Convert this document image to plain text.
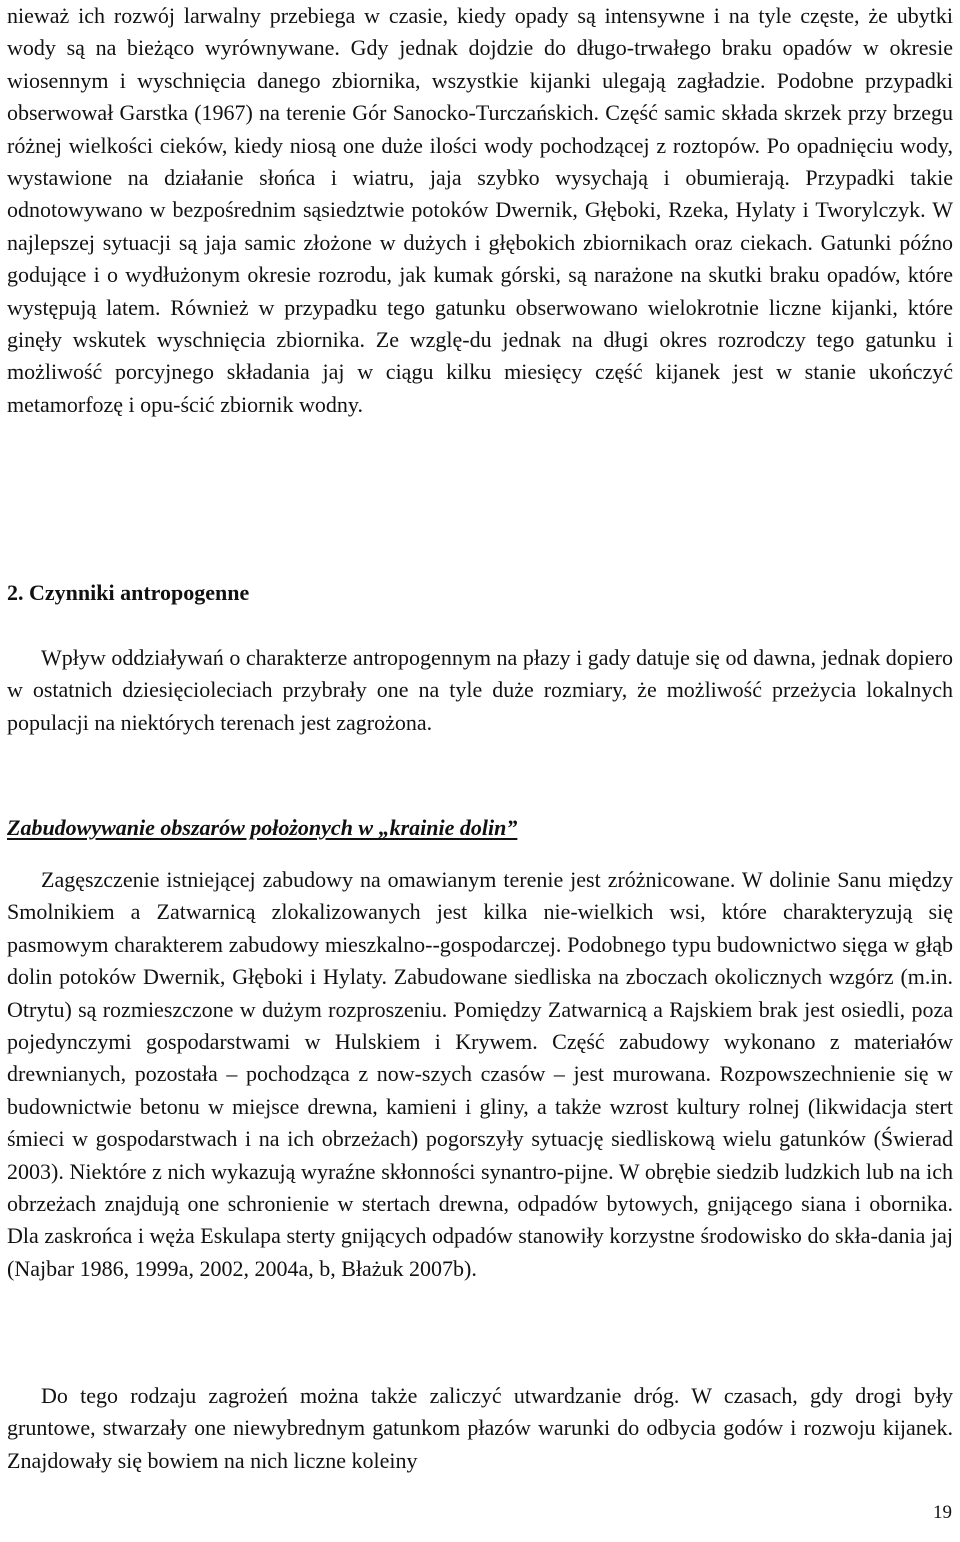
nieważ ich rozwój larwalny przebiega w czasie, kiedy opady są intensywne i na tyle częste, że ubytki wody są na bieżąco wyrównywane. Gdy jednak dojdzie do długo-trwałego braku opadów w okresie wiosennym i wyschnięcia danego zbiornika, wszystkie kijanki ulegają zagładzie. Podobne przypadki obserwował Garstka (1967) na terenie Gór Sanocko-Turczańskich. Część samic składa skrzek przy brzegu różnej wielkości cieków, kiedy niosą one duże ilości wody pochodzącej z roztopów. Po opadnięciu wody, wystawione na działanie słońca i wiatru, jaja szybko wysychają i obumierają. Przypadki takie odnotowywano w bezpośrednim sąsiedztwie potoków Dwernik, Głęboki, Rzeka, Hylaty i Tworylczyk. W najlepszej sytuacji są jaja samic złożone w dużych i głębokich zbiornikach oraz ciekach. Gatunki późno godujące i o wydłużonym okresie rozrodu, jak kumak górski, są narażone na skutki braku opadów, które występują latem. Również w przypadku tego gatunku obserwowano wielokrotnie liczne kijanki, które ginęły wskutek wyschnięcia zbiornika. Ze wzglę-du jednak na długi okres rozrodczy tego gatunku i możliwość porcyjnego składania jaj w ciągu kilku miesięcy część kijanek jest w stanie ukończyć metamorfozę i opu-ścić zbiornik wodny.

2. Czynniki antropogenne

Wpływ oddziaływań o charakterze antropogennym na płazy i gady datuje się od dawna, jednak dopiero w ostatnich dziesięcioleciach przybrały one na tyle duże rozmiary, że możliwość przeżycia lokalnych populacji na niektórych terenach jest zagrożona.

Zabudowywanie obszarów położonych w „krainie dolin”

Zagęszczenie istniejącej zabudowy na omawianym terenie jest zróżnicowane. W dolinie Sanu między Smolnikiem a Zatwarnicą zlokalizowanych jest kilka nie-wielkich wsi, które charakteryzują się pasmowym charakterem zabudowy mieszkalno--gospodarczej. Podobnego typu budownictwo sięga w głąb dolin potoków Dwernik, Głęboki i Hylaty. Zabudowane siedliska na zboczach okolicznych wzgórz (m.in. Otrytu) są rozmieszczone w dużym rozproszeniu. Pomiędzy Zatwarnicą a Rajskiem brak jest osiedli, poza pojedynczymi gospodarstwami w Hulskiem i Krywem. Część zabudowy wykonano z materiałów drewnianych, pozostała – pochodząca z now-szych czasów – jest murowana. Rozpowszechnienie się w budownictwie betonu w miejsce drewna, kamieni i gliny, a także wzrost kultury rolnej (likwidacja stert śmieci w gospodarstwach i na ich obrzeżach) pogorszyły sytuację siedliskową wielu gatunków (Świerad 2003). Niektóre z nich wykazują wyraźne skłonności synantro-pijne. W obrębie siedzib ludzkich lub na ich obrzeżach znajdują one schronienie w stertach drewna, odpadów bytowych, gnijącego siana i obornika. Dla zaskrońca i węża Eskulapa sterty gnijących odpadów stanowiły korzystne środowisko do skła-dania jaj (Najbar 1986, 1999a, 2002, 2004a, b, Błażuk 2007b).

Do tego rodzaju zagrożeń można także zaliczyć utwardzanie dróg. W czasach, gdy drogi były gruntowe, stwarzały one niewybrednym gatunkom płazów warunki do odbycia godów i rozwoju kijanek. Znajdowały się bowiem na nich liczne koleiny

19
